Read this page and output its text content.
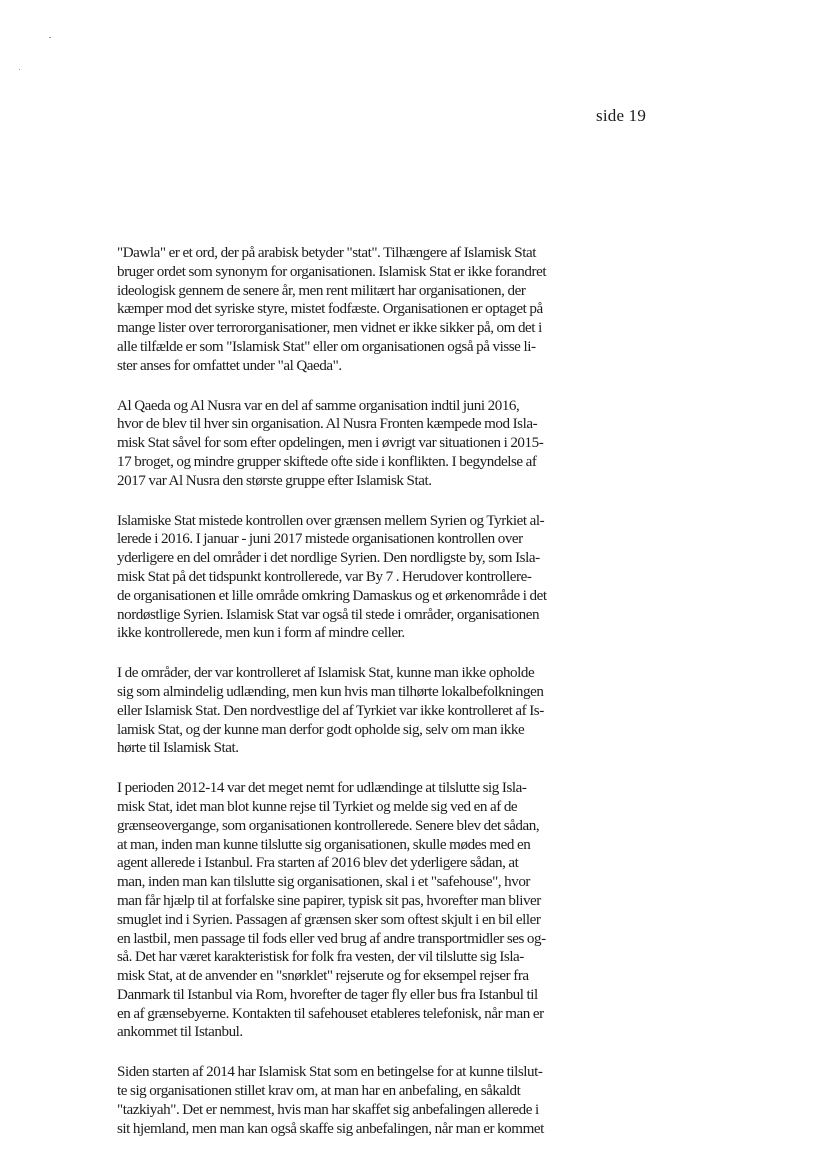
side 19
"Dawla" er et ord, der på arabisk betyder "stat". Tilhængere af Islamisk Stat
bruger ordet som synonym for organisationen. Islamisk Stat er ikke forandret
ideologisk gennem de senere år, men rent militært har organisationen, der
kæmper mod det syriske styre, mistet fodfæste. Organisationen er optaget på
mange lister over terrororganisationer, men vidnet er ikke sikker på, om det i
alle tilfælde er som "Islamisk Stat" eller om organisationen også på visse li-
ster anses for omfattet under "al Qaeda".
Al Qaeda og Al Nusra var en del af samme organisation indtil juni 2016,
hvor de blev til hver sin organisation. Al Nusra Fronten kæmpede mod Isla-
misk Stat såvel for som efter opdelingen, men i øvrigt var situationen i 2015-
17 broget, og mindre grupper skiftede ofte side i konflikten. I begyndelse af
2017 var Al Nusra den største gruppe efter Islamisk Stat.
Islamiske Stat mistede kontrollen over grænsen mellem Syrien og Tyrkiet al-
lerede i 2016. I januar - juni 2017 mistede organisationen kontrollen over
yderligere en del områder i det nordlige Syrien. Den nordligste by, som Isla-
misk Stat på det tidspunkt kontrollerede, var By 7 . Herudover kontrollere-
de organisationen et lille område omkring Damaskus og et ørkenområde i det
nordøstlige Syrien. Islamisk Stat var også til stede i områder, organisationen
ikke kontrollerede, men kun i form af mindre celler.
I de områder, der var kontrolleret af Islamisk Stat, kunne man ikke opholde
sig som almindelig udlænding, men kun hvis man tilhørte lokalbefolkningen
eller Islamisk Stat. Den nordvestlige del af Tyrkiet var ikke kontrolleret af Is-
lamisk Stat, og der kunne man derfor godt opholde sig, selv om man ikke
hørte til Islamisk Stat.
I perioden 2012-14 var det meget nemt for udlændinge at tilslutte sig Isla-
misk Stat, idet man blot kunne rejse til Tyrkiet og melde sig ved en af de
grænseovergange, som organisationen kontrollerede. Senere blev det sådan,
at man, inden man kunne tilslutte sig organisationen, skulle mødes med en
agent allerede i Istanbul. Fra starten af 2016 blev det yderligere sådan, at
man, inden man kan tilslutte sig organisationen, skal i et "safehouse", hvor
man får hjælp til at forfalske sine papirer, typisk sit pas, hvorefter man bliver
smuglet ind i Syrien. Passagen af grænsen sker som oftest skjult i en bil eller
en lastbil, men passage til fods eller ved brug af andre transportmidler ses og-
så. Det har været karakteristisk for folk fra vesten, der vil tilslutte sig Isla-
misk Stat, at de anvender en "snørklet" rejserute og for eksempel rejser fra
Danmark til Istanbul via Rom, hvorefter de tager fly eller bus fra Istanbul til
en af grænsebyerne. Kontakten til safehouset etableres telefonisk, når man er
ankommet til Istanbul.
Siden starten af 2014 har Islamisk Stat som en betingelse for at kunne tilslut-
te sig organisationen stillet krav om, at man har en anbefaling, en såkaldt
"tazkiyah". Det er nemmest, hvis man har skaffet sig anbefalingen allerede i
sit hjemland, men man kan også skaffe sig anbefalingen, når man er kommet
